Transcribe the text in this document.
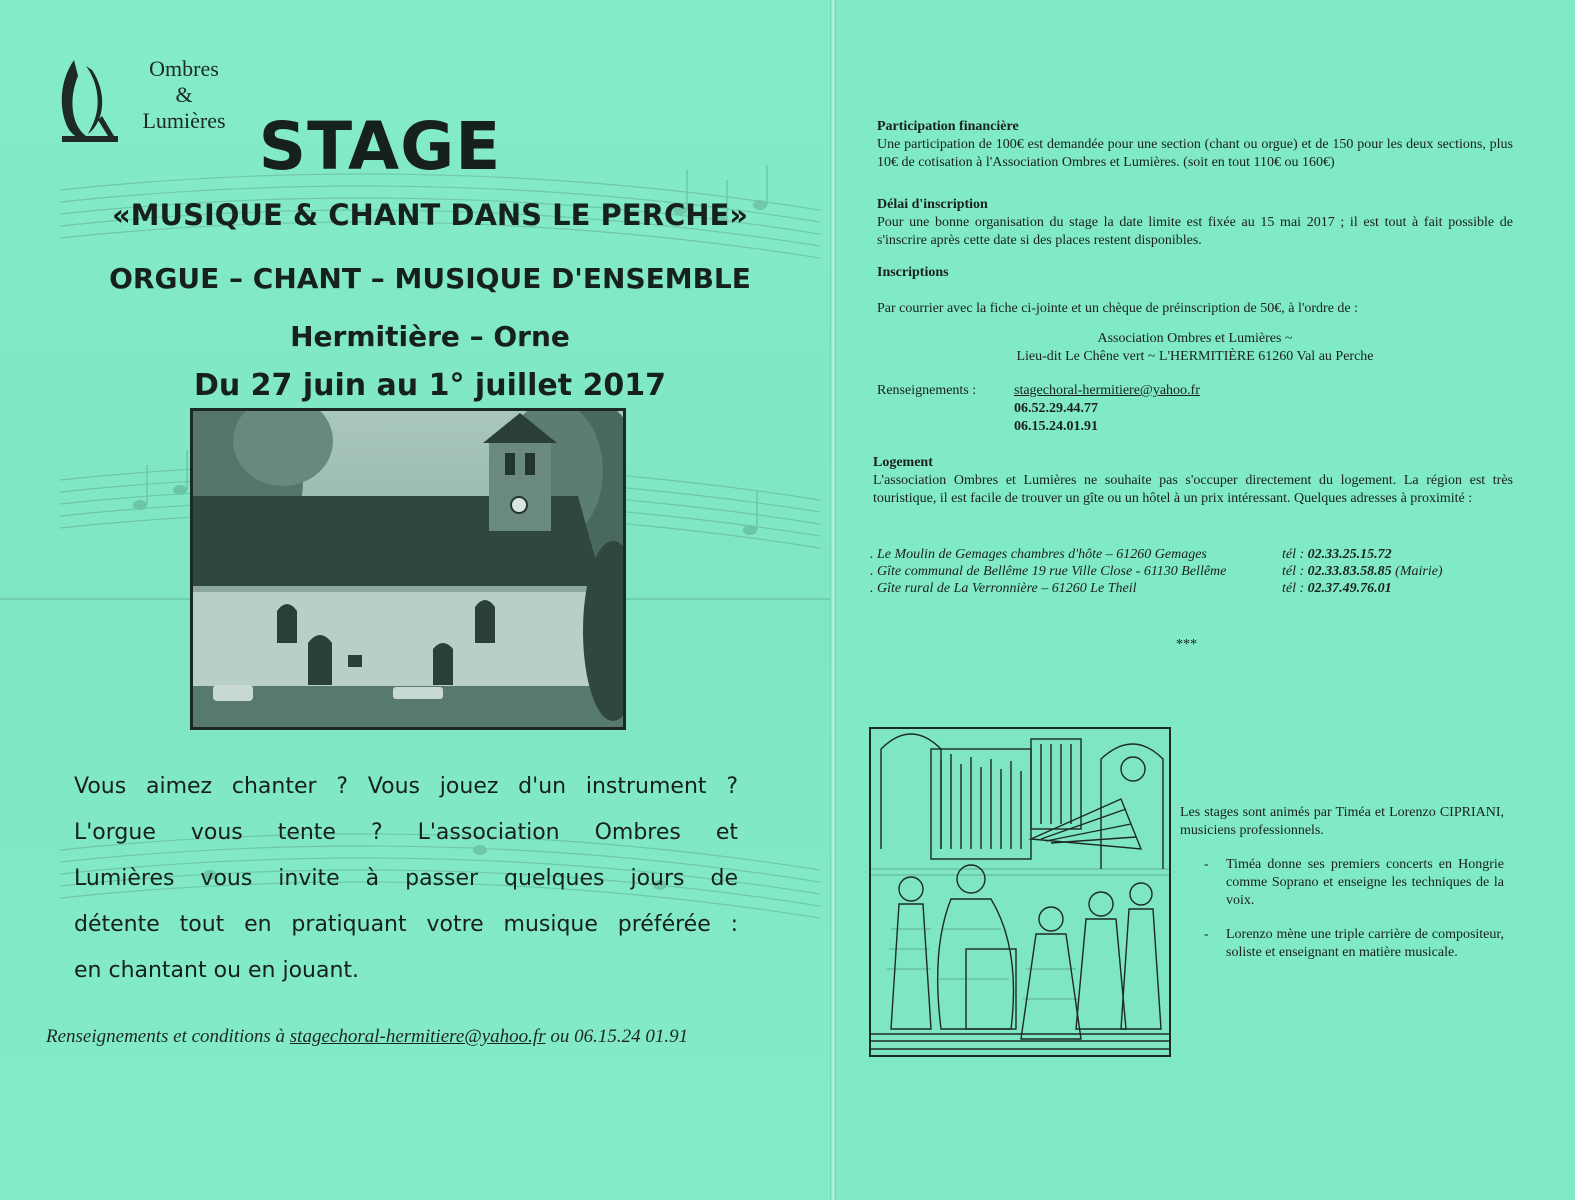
Ombres
&
Lumières STAGE
«MUSIQUE & CHANT DANS LE PERCHE»
ORGUE – CHANT – MUSIQUE D'ENSEMBLE
Hermitière – Orne
Du 27 juin au 1° juillet 2017
Vous aimez chanter ? Vous jouez d'un instrument ?
L'orgue vous tente ? L'association Ombres et
Lumières vous invite à passer quelques jours de
détente tout en pratiquant votre musique préférée :
en chantant ou en jouant.
Renseignements et conditions à stagechoral-hermitiere@yahoo.fr ou 06.15.24 01.91
Participation financière
Une participation de 100€ est demandée pour une section (chant ou orgue) et de 150 pour les deux sections, plus 10€ de cotisation à l'Association Ombres et Lumières. (soit en tout 110€ ou 160€)
Délai d'inscription
Pour une bonne organisation du stage la date limite est fixée au 15 mai 2017 ; il est tout à fait possible de s'inscrire après cette date si des places restent disponibles.
Inscriptions
Par courrier avec la fiche ci-jointe et un chèque de préinscription de 50€, à l'ordre de :
Association Ombres et Lumières ~
Lieu-dit Le Chêne vert ~ L'HERMITIÈRE 61260 Val au Perche
Renseignements :	stagechoral-hermitiere@yahoo.fr
06.52.29.44.77
06.15.24.01.91
Logement
L'association Ombres et Lumières ne souhaite pas s'occuper directement du logement. La région est très touristique, il est facile de trouver un gîte ou un hôtel à un prix intéressant. Quelques adresses à proximité :
. Le Moulin de Gemages chambres d'hôte – 61260 Gemages	tél : 02.33.25.15.72
. Gîte communal de Bellême 19 rue Ville Close - 61130 Bellême	tél : 02.33.83.58.85 (Mairie)
. Gîte rural de La Verronnière – 61260 Le Theil	tél : 02.37.49.76.01
***
Les stages sont animés par Timéa et Lorenzo CIPRIANI, musiciens professionnels.
- Timéa donne ses premiers concerts en Hongrie comme Soprano et enseigne les techniques de la voix.
- Lorenzo mène une triple carrière de compositeur, soliste et enseignant en matière musicale.
